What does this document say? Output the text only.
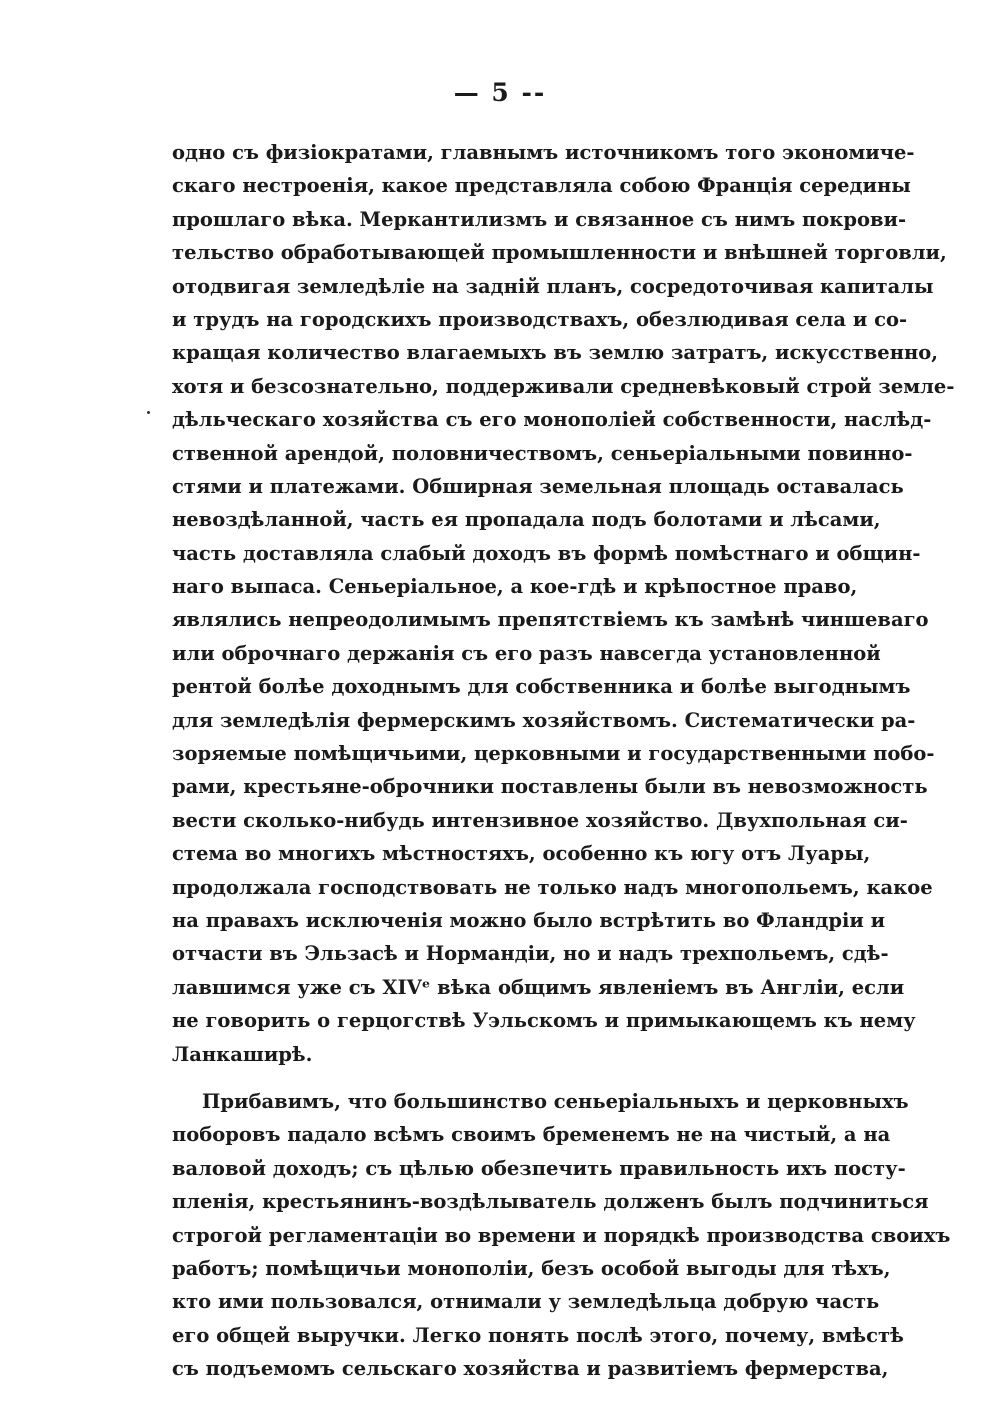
— 5 --
одно съ физіократами, главнымъ источникомъ того экономиче-
скаго нестроенія, какое представляла собою Франція середины
прошлаго вѣка. Меркантилизмъ и связанное съ нимъ покрови-
тельство обработывающей промышленности и внѣшней торговли,
отодвигая земледѣліе на задній планъ, сосредоточивая капиталы
и трудъ на городскихъ производствахъ, обезлюдивая села и со-
кращая количество влагаемыхъ въ землю затратъ, искусственно,
хотя и безсознательно, поддерживали средневѣковый строй земле-
дѣльческаго хозяйства съ его монополіей собственности, наслѣд-
ственной арендой, половничествомъ, сеньеріальными повинно-
стями и платежами. Обширная земельная площадь оставалась
невоздѣланной, часть ея пропадала подъ болотами и лѣсами,
часть доставляла слабый доходъ въ формѣ помѣстнаго и общин-
наго выпаса. Сеньеріальное, а кое-гдѣ и крѣпостное право,
являлись непреодолимымъ препятствіемъ къ замѣнѣ чиншеваго
или оброчнаго держанія съ его разъ навсегда установленной
рентой болѣе доходнымъ для собственника и болѣе выгоднымъ
для земледѣлія фермерскимъ хозяйствомъ. Систематически ра-
зоряемые помѣщичьими, церковными и государственными побо-
рами, крестьяне-оброчники поставлены были въ невозможность
вести сколько-нибудь интензивное хозяйство. Двухпольная си-
стема во многихъ мѣстностяхъ, особенно къ югу отъ Луары,
продолжала господствовать не только надъ многопольемъ, какое
на правахъ исключенія можно было встрѣтить во Фландріи и
отчасти въ Эльзасѣ и Нормандіи, но и надъ трехпольемъ, сдѣ-
лавшимся уже съ XIVᵉ вѣка общимъ явленіемъ въ Англіи, если
не говорить о герцогствѣ Уэльскомъ и примыкающемъ къ нему
Ланкаширѣ.
Прибавимъ, что большинство сеньеріальныхъ и церковныхъ
поборовъ падало всѣмъ своимъ бременемъ не на чистый, а на
валовой доходъ; съ цѣлью обезпечить правильность ихъ посту-
пленія, крестьянинъ-воздѣлыватель долженъ былъ подчиниться
строгой регламентаціи во времени и порядкѣ производства своихъ
работъ; помѣщичьи монополіи, безъ особой выгоды для тѣхъ,
кто ими пользовался, отнимали у земледѣльца добрую часть
его общей выручки. Легко понять послѣ этого, почему, вмѣстѣ
съ подъемомъ сельскаго хозяйства и развитіемъ фермерства,
